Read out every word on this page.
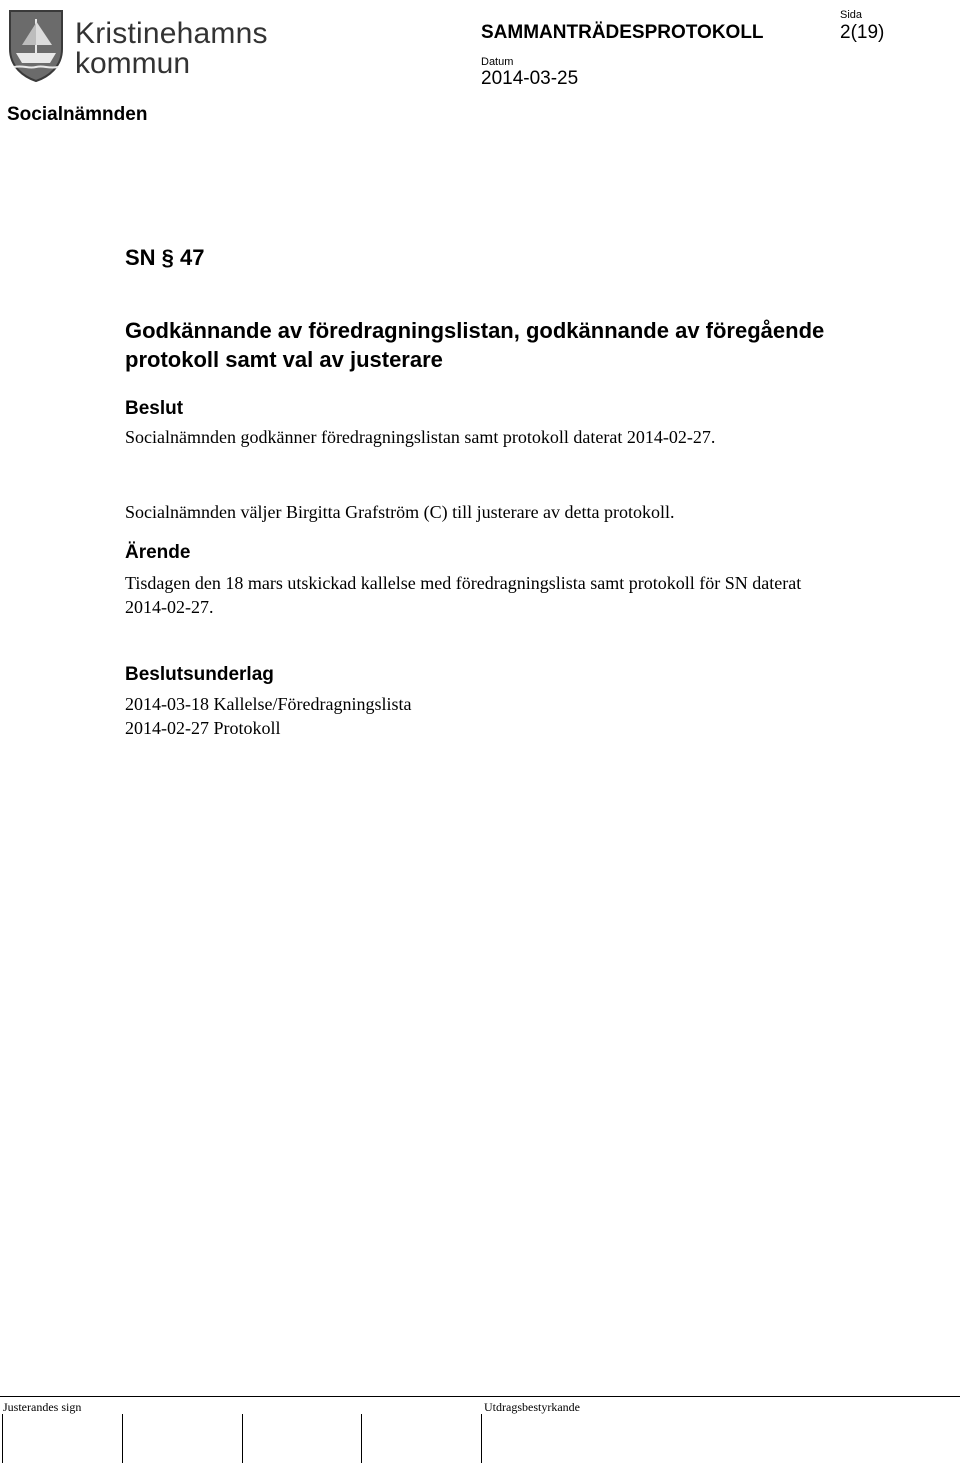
Kristinehamns
kommun
SAMMANTRÄDESPROTOKOLL
Datum
2014-03-25
Sida
2(19)
Socialnämnden
SN § 47
Godkännande av föredragningslistan, godkännande av föregående protokoll samt val av justerare
Beslut
Socialnämnden godkänner föredragningslistan samt protokoll daterat 2014-02-27.
Socialnämnden väljer Birgitta Grafström (C) till justerare av detta protokoll.
Ärende
Tisdagen den 18 mars utskickad kallelse med föredragningslista samt protokoll för SN daterat 2014-02-27.
Beslutsunderlag
2014-03-18 Kallelse/Föredragningslista
2014-02-27 Protokoll
Justerandes sign	Utdragsbestyrkande
